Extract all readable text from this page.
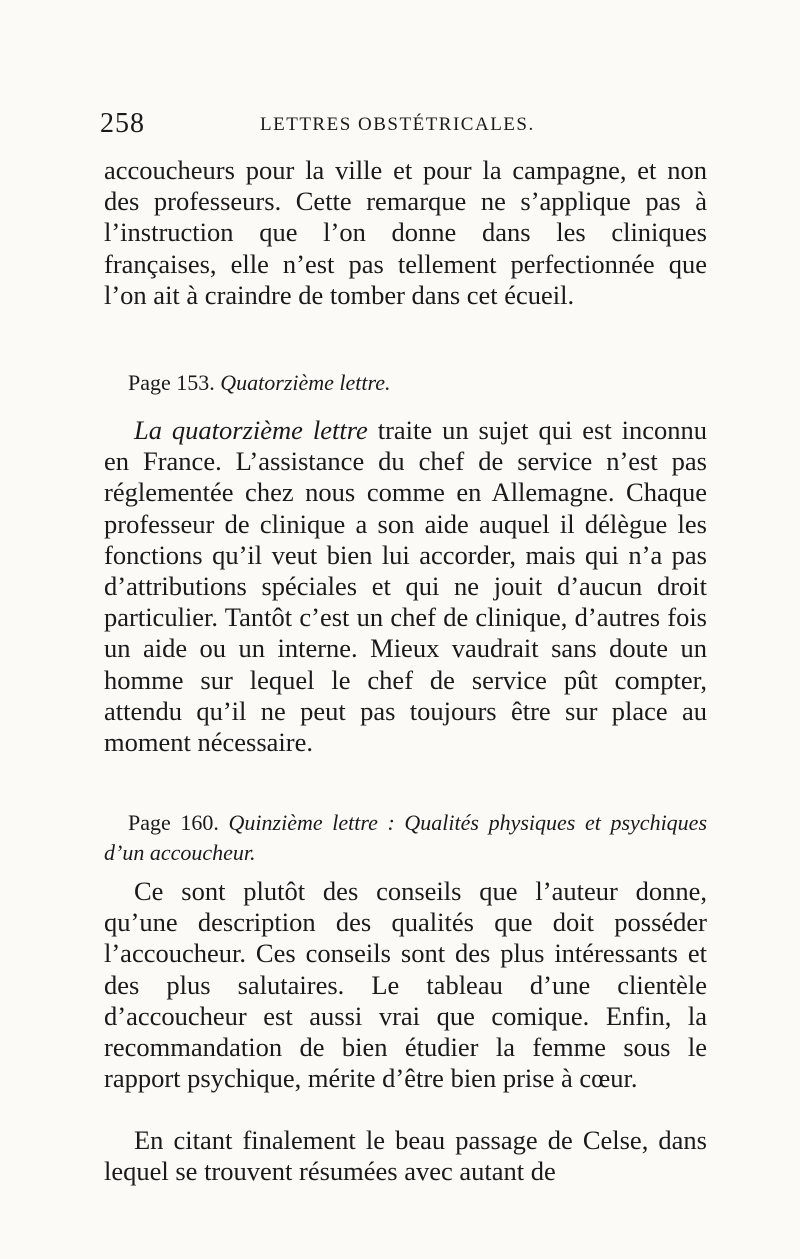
258	LETTRES OBSTÉTRICALES.

accoucheurs pour la ville et pour la campagne, et non des professeurs. Cette remarque ne s’applique pas à l’instruction que l’on donne dans les cliniques françaises, elle n’est pas tellement perfectionnée que l’on ait à craindre de tomber dans cet écueil.

Page 153. Quatorzième lettre.

La quatorzième lettre traite un sujet qui est inconnu en France. L’assistance du chef de service n’est pas réglementée chez nous comme en Allemagne. Chaque professeur de clinique a son aide auquel il délègue les fonctions qu’il veut bien lui accorder, mais qui n’a pas d’attributions spéciales et qui ne jouit d’aucun droit particulier. Tantôt c’est un chef de clinique, d’autres fois un aide ou un interne. Mieux vaudrait sans doute un homme sur lequel le chef de service pût compter, attendu qu’il ne peut pas toujours être sur place au moment nécessaire.

Page 160. Quinzième lettre : Qualités physiques et psychiques d’un accoucheur.

Ce sont plutôt des conseils que l’auteur donne, qu’une description des qualités que doit posséder l’accoucheur. Ces conseils sont des plus intéressants et des plus salutaires. Le tableau d’une clientèle d’accoucheur est aussi vrai que comique. Enfin, la recommandation de bien étudier la femme sous le rapport psychique, mérite d’être bien prise à cœur.

En citant finalement le beau passage de Celse, dans lequel se trouvent résumées avec autant de
